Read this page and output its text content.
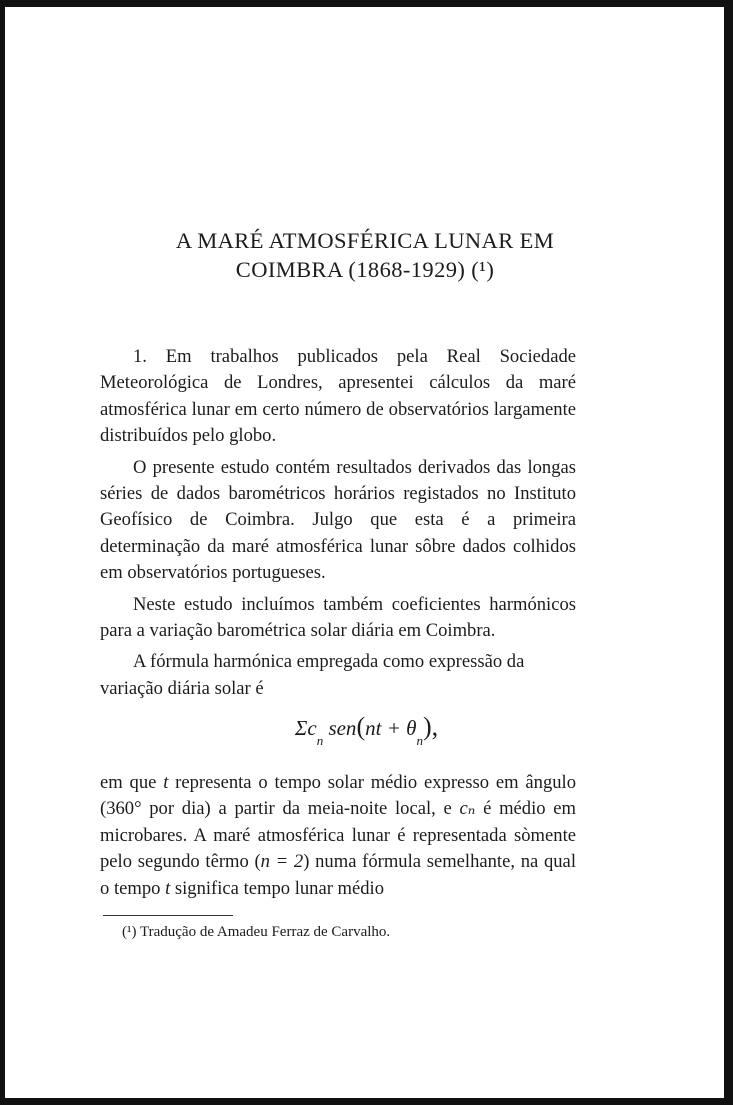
A MARÉ ATMOSFÉRICA LUNAR EM
COIMBRA (1868-1929) (¹)

1. Em trabalhos publicados pela Real Sociedade Meteorológica de Londres, apresentei cálculos da maré atmosférica lunar em certo número de observatórios largamente distribuídos pelo globo.

O presente estudo contém resultados derivados das longas séries de dados barométricos horários registados no Instituto Geofísico de Coimbra. Julgo que esta é a primeira determinação da maré atmosférica lunar sôbre dados colhidos em observatórios portugueses.

Neste estudo incluímos também coeficientes harmónicos para a variação barométrica solar diária em Coimbra.

A fórmula harmónica empregada como expressão da variação diária solar é

$\Sigma c_n$ $sen(nt + \theta_n)$,

em que t representa o tempo solar médio expresso em ângulo (360° por dia) a partir da meia-noite local, e cₙ é médio em microbares. A maré atmosférica lunar é representada sòmente pelo segundo têrmo (n = 2) numa fórmula semelhante, na qual o tempo t significa tempo lunar médio

(¹) Tradução de Amadeu Ferraz de Carvalho.
